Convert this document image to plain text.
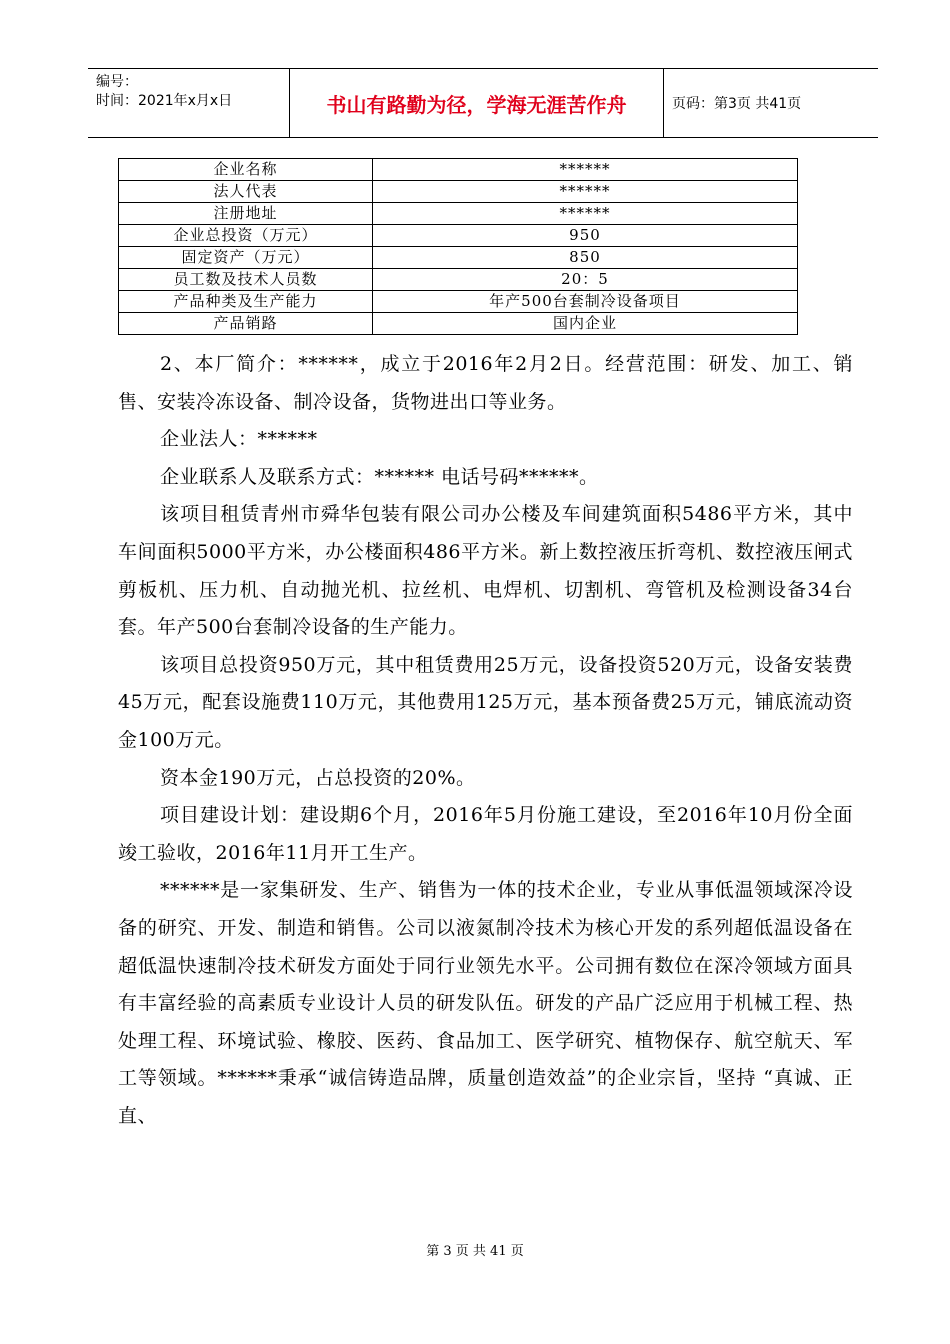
编号：
时间：2021年x月x日	书山有路勤为径，学海无涯苦作舟	页码：第3页 共41页
企业名称	******
法人代表	******
注册地址	******
企业总投资（万元）	950
固定资产（万元）	850
员工数及技术人员数	20：5
产品种类及生产能力	年产500台套制冷设备项目
产品销路	国内企业

2、本厂简介：******，成立于2016年2月2日。经营范围：研发、加工、销售、安装冷冻设备、制冷设备，货物进出口等业务。

企业法人：******

企业联系人及联系方式：****** 电话号码******。

该项目租赁青州市舜华包装有限公司办公楼及车间建筑面积5486平方米，其中车间面积5000平方米，办公楼面积486平方米。新上数控液压折弯机、数控液压闸式剪板机、压力机、自动抛光机、拉丝机、电焊机、切割机、弯管机及检测设备34台套。年产500台套制冷设备的生产能力。

该项目总投资950万元，其中租赁费用25万元，设备投资520万元，设备安装费45万元，配套设施费110万元，其他费用125万元，基本预备费25万元，铺底流动资金100万元。

资本金190万元，占总投资的20%。

项目建设计划：建设期6个月，2016年5月份施工建设，至2016年10月份全面竣工验收，2016年11月开工生产。

******是一家集研发、生产、销售为一体的技术企业，专业从事低温领域深冷设备的研究、开发、制造和销售。公司以液氮制冷技术为核心开发的系列超低温设备在超低温快速制冷技术研发方面处于同行业领先水平。公司拥有数位在深冷领域方面具有丰富经验的高素质专业设计人员的研发队伍。研发的产品广泛应用于机械工程、热处理工程、环境试验、橡胶、医药、食品加工、医学研究、植物保存、航空航天、军工等领域。******秉承“诚信铸造品牌，质量创造效益”的企业宗旨，坚持 “真诚、正直、

第 3 页 共 41 页
